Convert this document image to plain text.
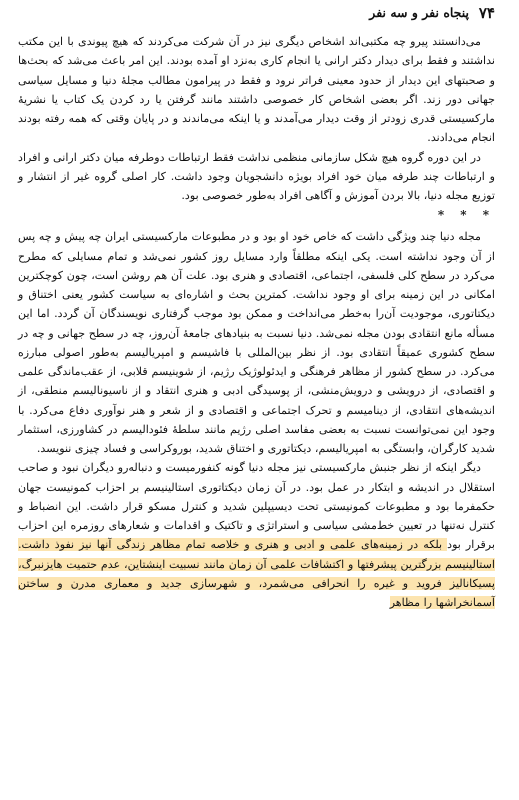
۷۴
پنجاه نفر و سه نفر

می‌دانستند پیرو چه مکتبی‌اند اشخاص دیگری نیز در آن شرکت می‌کردند که هیچ پیوندی با این مکتب نداشتند و فقط برای دیدار دکتر ارانی یا انجام کاری به‌نزد او آمده بودند. این امر باعث می‌شد که بحث‌ها و صحبتهای این دیدار از حدود معینی فراتر نرود و فقط در پیرامون مطالب مجلهٔ دنیا و مسایل سیاسی جهانی دور زند. اگر بعضی اشخاص کار خصوصی داشتند مانند گرفتن یا رد کردن یک کتاب یا نشریهٔ مارکسیستی قدری زودتر از وقت دیدار می‌آمدند و یا اینکه می‌ماندند و در پایان وقتی که همه رفته بودند انجام می‌دادند.

در این دوره گروه هیچ شکل سازمانی منظمی نداشت فقط ارتباطات دوطرفه میان دکتر ارانی و افراد و ارتباطات چند طرفه میان خود افراد بویژه دانشجویان وجود داشت. کار اصلی گروه غیر از انتشار و توزیع مجله دنیا، بالا بردن آموزش و آگاهی افراد به‌طور خصوصی بود.

* * *

مجله دنیا چند ویژگی داشت که خاص خود او بود و در مطبوعات مارکسیستی ایران چه پیش و چه پس از آن وجود نداشته است. یکی اینکه مطلقاً وارد مسایل روز کشور نمی‌شد و تمام مسایلی که مطرح می‌کرد در سطح کلی فلسفی، اجتماعی، اقتصادی و هنری بود. علت آن هم روشن است، چون کوچکترین امکانی در این زمینه برای او وجود نداشت. کمترین بحث و اشاره‌ای به سیاست کشور یعنی اختناق و دیکتاتوری، موجودیت آن‌را به‌خطر می‌انداخت و ممکن بود موجب گرفتاری نویسندگان آن گردد. اما این مسأله مانع انتقادی بودن مجله نمی‌شد. دنیا نسبت به بنیادهای جامعهٔ آن‌روز، چه در سطح جهانی و چه در سطح کشوری عمیقاً انتقادی بود. از نظر بین‌المللی با فاشیسم و امپریالیسم به‌طور اصولی مبارزه می‌کرد. در سطح کشور از مظاهر فرهنگی و ایدئولوژیک رژیم، از شوینیسم قلابی، از عقب‌ماندگی علمی و اقتصادی، از درویشی و درویش‌منشی، از پوسیدگی ادبی و هنری انتقاد و از ناسیونالیسم منطقی، از اندیشه‌های انتقادی، از دینامیسم و تحرک اجتماعی و اقتصادی و از شعر و هنر نوآوری دفاع می‌کرد. با وجود این نمی‌توانست نسبت به بعضی مفاسد اصلی رژیم مانند سلطهٔ فئودالیسم در کشاورزی، استثمار شدید کارگران، وابستگی به امپریالیسم، دیکتاتوری و اختناق شدید، بوروکراسی و فساد چیزی ننویسد.

دیگر اینکه از نظر جنبش مارکسیستی نیز مجله دنیا گونه کنفورمیست و دنباله‌رو دیگران نبود و صاحب استقلال در اندیشه و ابتکار در عمل بود. در آن زمان دیکتاتوری استالینیسم بر احزاب کمونیست جهان حکمفرما بود و مطبوعات کمونیستی تحت دیسیپلین شدید و کنترل مسکو قرار داشت. این انضباط و کنترل نه‌تنها در تعیین خط‌مشی سیاسی و استراتژی و تاکتیک و اقدامات و شعارهای روزمره این احزاب برقرار بود بلکه در زمینه‌های علمی و ادبی و هنری و خلاصه تمام مظاهر زندگی آنها نیز نفوذ داشت. استالینیسم بزرگترین پیشرفتها و اکتشافات علمی آن زمان مانند نسبیت اینشتاین، عدم حتمیت هایزنبرگ، پسیکانالیز فروید و غیره را انحرافی می‌شمرد، و شهرسازی جدید و معماری مدرن و ساختن آسمانخراشها را مظاهر
